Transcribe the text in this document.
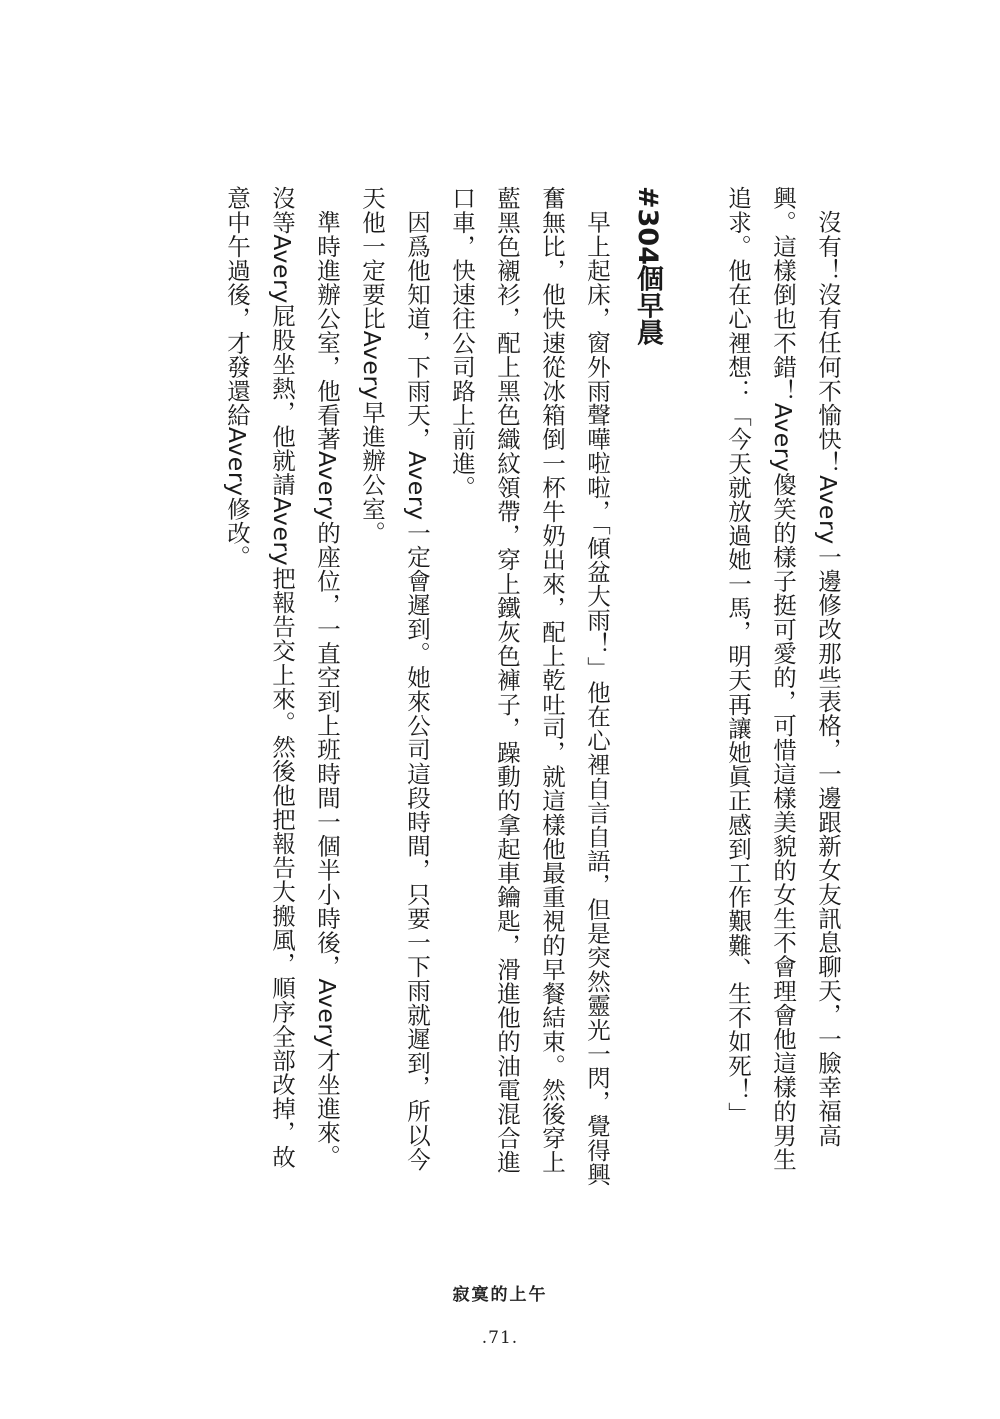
沒有！沒有任何不愉快！Avery一邊修改那些表格，一邊跟新女友訊息聊天，一臉幸福高興。這樣倒也不錯！Avery傻笑的樣子挺可愛的，可惜這樣美貌的女生不會理會他這樣的男生追求。他在心裡想：「今天就放過她一馬，明天再讓她眞正感到工作艱難、生不如死！」

#304個早晨

早上起床，窗外雨聲嘩啦啦，「傾盆大雨！」他在心裡自言自語，但是突然靈光一閃，覺得興奮無比，他快速從冰箱倒一杯牛奶出來，配上乾吐司，就這樣他最重視的早餐結束。然後穿上藍黑色襯衫，配上黑色織紋領帶，穿上鐵灰色褲子，躁動的拿起車鑰匙，滑進他的油電混合進口車，快速往公司路上前進。

因爲他知道，下雨天，Avery一定會遲到。她來公司這段時間，只要一下雨就遲到，所以今天他一定要比Avery早進辦公室。

準時進辦公室，他看著Avery的座位，一直空到上班時間一個半小時後，Avery才坐進來。沒等Avery屁股坐熱，他就請Avery把報告交上來。然後他把報告大搬風，順序全部改掉，故意中午過後，才發還給Avery修改。

寂寞的上午
.71.
